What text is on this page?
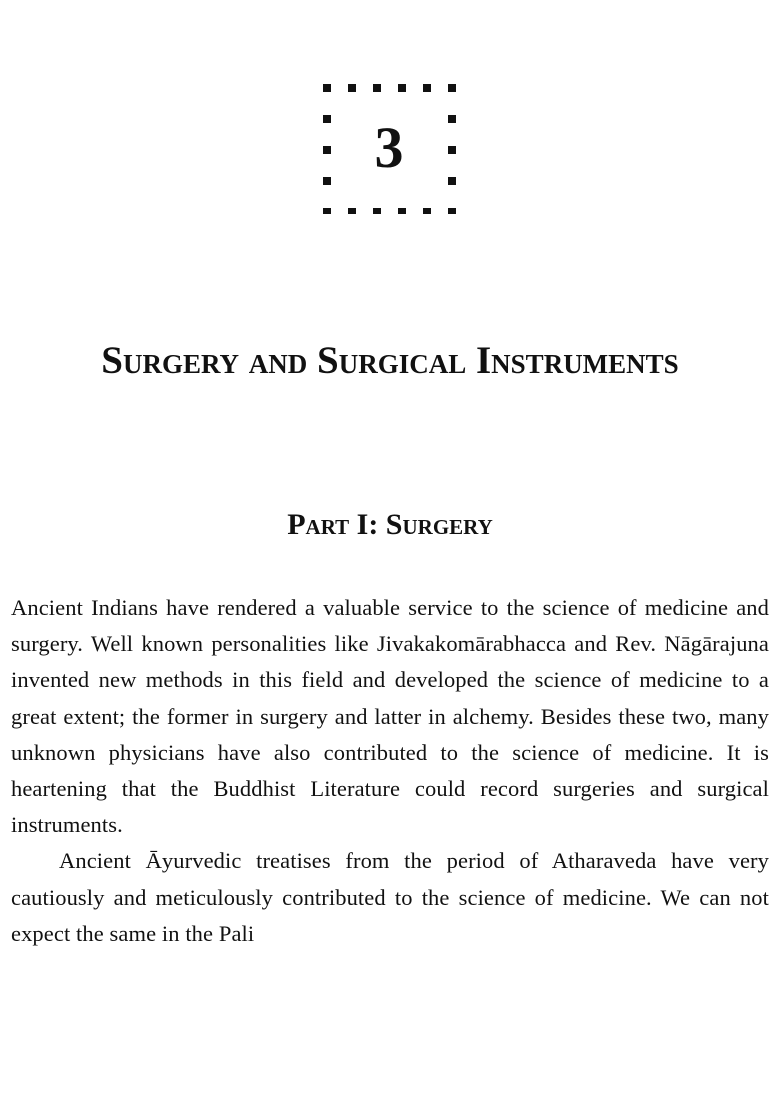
3
Surgery and Surgical Instruments
Part I: Surgery

Ancient Indians have rendered a valuable service to the science of medicine and surgery. Well known personalities like Jivakakomārabhacca and Rev. Nāgārajuna invented new methods in this field and developed the science of medicine to a great extent; the former in surgery and latter in alchemy. Besides these two, many unknown physicians have also contributed to the science of medicine. It is heartening that the Buddhist Literature could record surgeries and surgical instruments.

Ancient Āyurvedic treatises from the period of Atharaveda have very cautiously and meticulously contributed to the science of medicine. We can not expect the same in the Pali
